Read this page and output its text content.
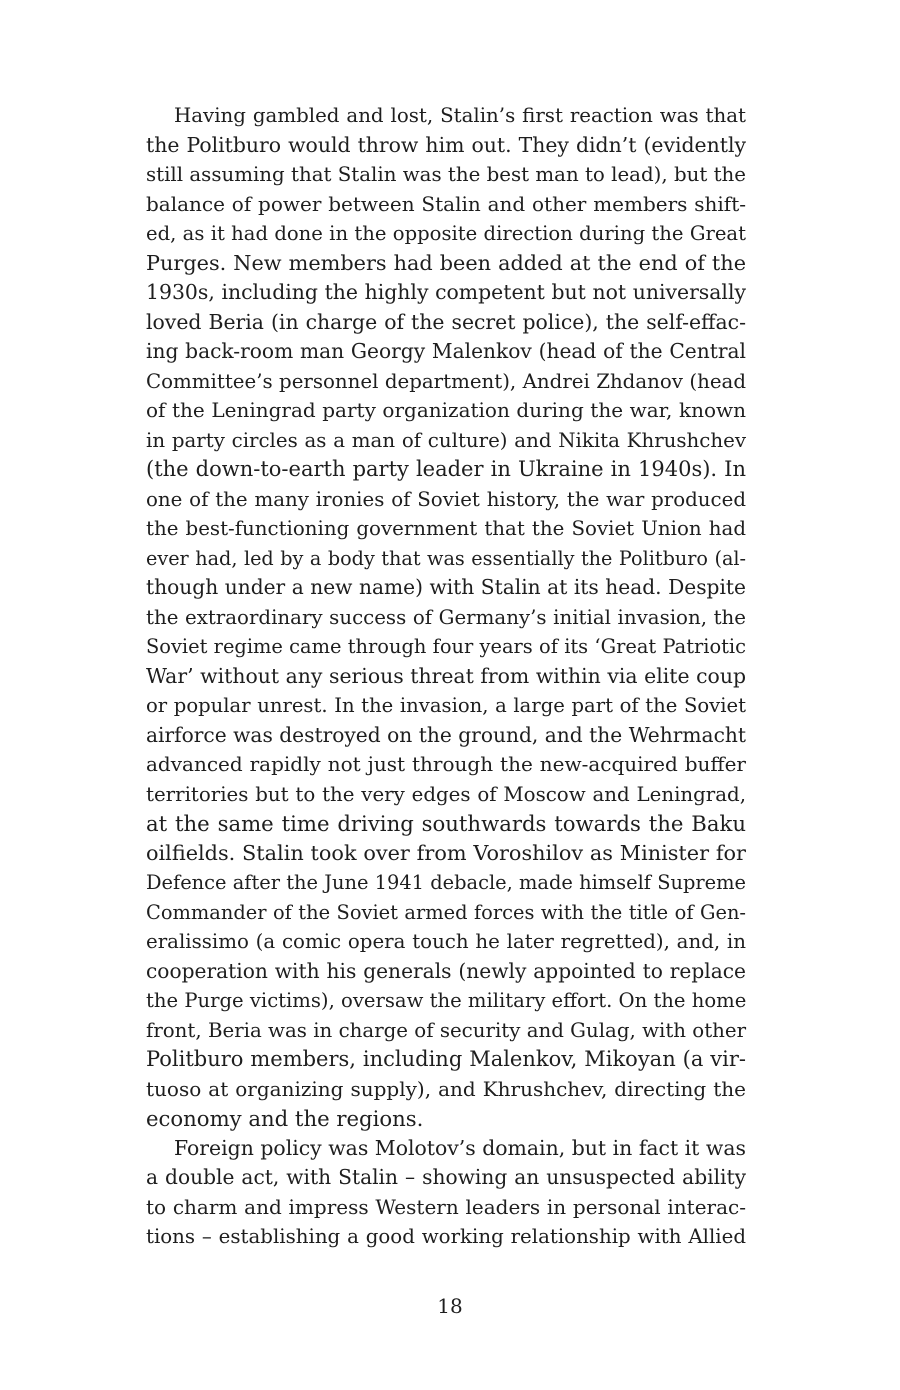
Having gambled and lost, Stalin’s first reaction was that
the Politburo would throw him out. They didn’t (evidently
still assuming that Stalin was the best man to lead), but the
balance of power between Stalin and other members shift-
ed, as it had done in the opposite direction during the Great
Purges. New members had been added at the end of the
1930s, including the highly competent but not universally
loved Beria (in charge of the secret police), the self-effac-
ing back-room man Georgy Malenkov (head of the Central
Committee’s personnel department), Andrei Zhdanov (head
of the Leningrad party organization during the war, known
in party circles as a man of culture) and Nikita Khrushchev
(the down-to-earth party leader in Ukraine in 1940s). In
one of the many ironies of Soviet history, the war produced
the best-functioning government that the Soviet Union had
ever had, led by a body that was essentially the Politburo (al-
though under a new name) with Stalin at its head. Despite
the extraordinary success of Germany’s initial invasion, the
Soviet regime came through four years of its ‘Great Patriotic
War’ without any serious threat from within via elite coup
or popular unrest. In the invasion, a large part of the Soviet
airforce was destroyed on the ground, and the Wehrmacht
advanced rapidly not just through the new-acquired buffer
territories but to the very edges of Moscow and Leningrad,
at the same time driving southwards towards the Baku
oilfields. Stalin took over from Voroshilov as Minister for
Defence after the June 1941 debacle, made himself Supreme
Commander of the Soviet armed forces with the title of Gen-
eralissimo (a comic opera touch he later regretted), and, in
cooperation with his generals (newly appointed to replace
the Purge victims), oversaw the military effort. On the home
front, Beria was in charge of security and Gulag, with other
Politburo members, including Malenkov, Mikoyan (a vir-
tuoso at organizing supply), and Khrushchev, directing the
economy and the regions.
Foreign policy was Molotov’s domain, but in fact it was
a double act, with Stalin – showing an unsuspected ability
to charm and impress Western leaders in personal interac-
tions – establishing a good working relationship with Allied
18
